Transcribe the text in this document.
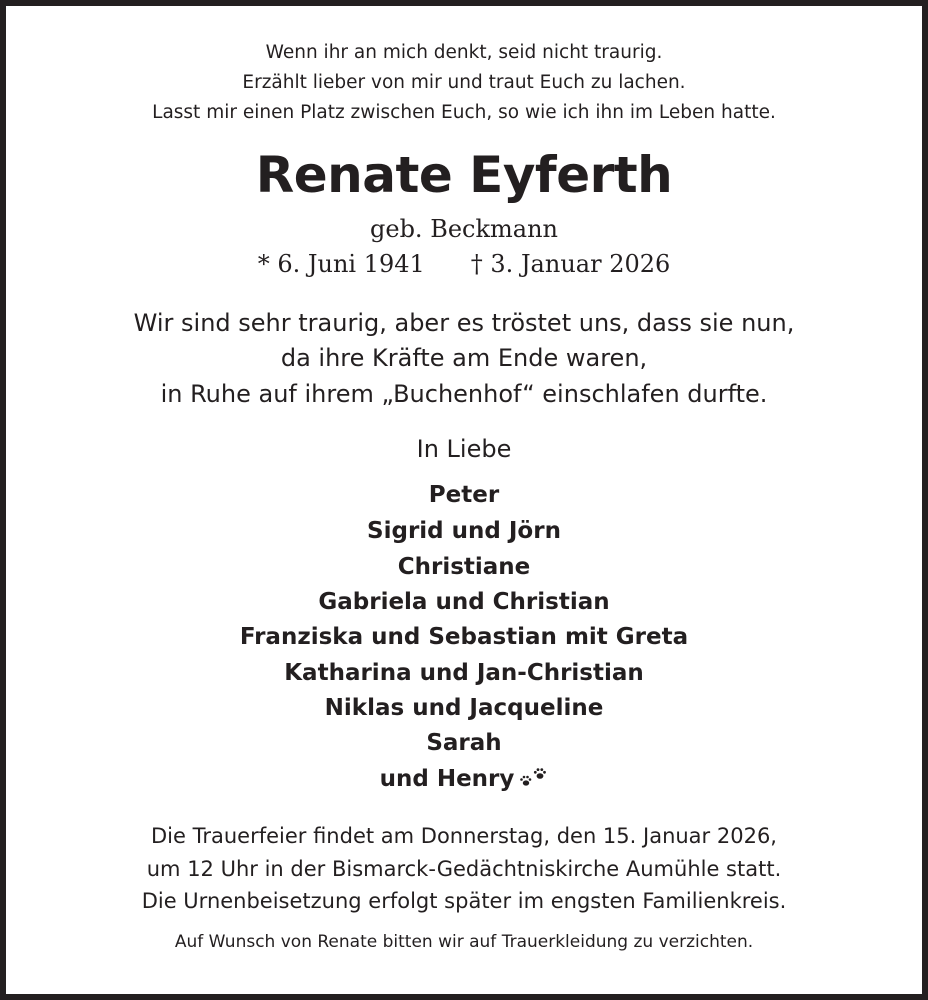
Wenn ihr an mich denkt, seid nicht traurig.
Erzählt lieber von mir und traut Euch zu lachen.
Lasst mir einen Platz zwischen Euch, so wie ich ihn im Leben hatte.
Renate Eyferth
geb. Beckmann
* 6. Juni 1941 † 3. Januar 2026
Wir sind sehr traurig, aber es tröstet uns, dass sie nun,
da ihre Kräfte am Ende waren,
in Ruhe auf ihrem „Buchenhof“ einschlafen durfte.
In Liebe
Peter
Sigrid und Jörn
Christiane
Gabriela und Christian
Franziska und Sebastian mit Greta
Katharina und Jan-Christian
Niklas und Jacqueline
Sarah
und Henry
Die Trauerfeier findet am Donnerstag, den 15. Januar 2026,
um 12 Uhr in der Bismarck-Gedächtniskirche Aumühle statt.
Die Urnenbeisetzung erfolgt später im engsten Familienkreis.
Auf Wunsch von Renate bitten wir auf Trauerkleidung zu verzichten.
